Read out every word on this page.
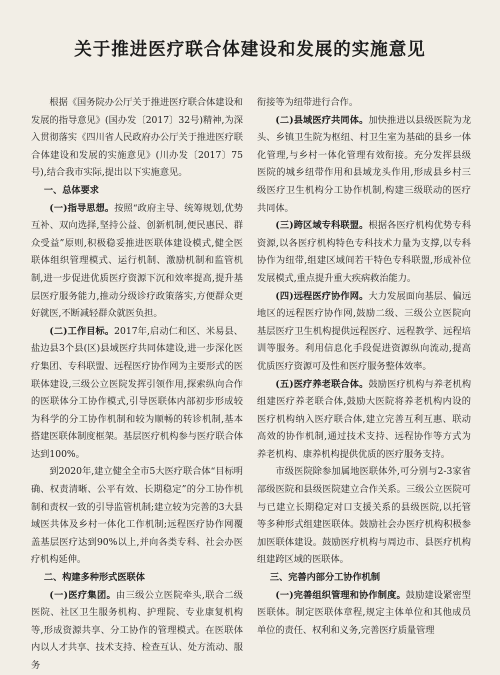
关于推进医疗联合体建设和发展的实施意见

根据《国务院办公厅关于推进医疗联合体建设和发展的指导意见》(国办发〔2017〕32号)精神,为深入贯彻落实《四川省人民政府办公厅关于推进医疗联合体建设和发展的实施意见》(川办发〔2017〕75号),结合我市实际,提出以下实施意见。

一、总体要求

(一)指导思想。按照“政府主导、统筹规划,优势互补、双向选择,坚持公益、创新机制,便民惠民、群众受益”原则,积极稳妥推进医联体建设模式,健全医联体组织管理模式、运行机制、激励机制和监管机制,进一步促进优质医疗资源下沉和效率提高,提升基层医疗服务能力,推动分级诊疗政策落实,方便群众更好就医,不断减轻群众就医负担。

(二)工作目标。2017年,启动仁和区、米易县、盐边县3个县(区)县域医疗共同体建设,进一步深化医疗集团、专科联盟、远程医疗协作网为主要形式的医联体建设,三级公立医院发挥引领作用,探索纵向合作的医联体分工协作模式,引导医联体内部初步形成较为科学的分工协作机制和较为顺畅的转诊机制,基本搭建医联体制度框架。基层医疗机构参与医疗联合体达到100%。

到2020年,建立健全全市5大医疗联合体“目标明确、权责清晰、公平有效、长期稳定”的分工协作机制和责权一致的引导监管机制;建立较为完善的3大县域医共体及乡村一体化工作机制;远程医疗协作网覆盖基层医疗达到90%以上,并向各类专科、社会办医疗机构延伸。

二、构建多种形式医联体

(一)医疗集团。由三级公立医院牵头,联合二级医院、社区卫生服务机构、护理院、专业康复机构等,形成资源共享、分工协作的管理模式。在医联体内以人才共享、技术支持、检查互认、处方流动、服务

衔接等为纽带进行合作。

(二)县域医疗共同体。加快推进以县级医院为龙头、乡镇卫生院为枢纽、村卫生室为基础的县乡一体化管理,与乡村一体化管理有效衔接。充分发挥县级医院的城乡纽带作用和县域龙头作用,形成县乡村三级医疗卫生机构分工协作机制,构建三级联动的医疗共同体。

(三)跨区域专科联盟。根据各医疗机构优势专科资源,以各医疗机构特色专科技术力量为支撑,以专科协作为纽带,组建区域间若干特色专科联盟,形成补位发展模式,重点提升重大疾病救治能力。

(四)远程医疗协作网。大力发展面向基层、偏远地区的远程医疗协作网,鼓励二级、三级公立医院向基层医疗卫生机构提供远程医疗、远程教学、远程培训等服务。利用信息化手段促进资源纵向流动,提高优质医疗资源可及性和医疗服务整体效率。

(五)医疗养老联合体。鼓励医疗机构与养老机构组建医疗养老联合体,鼓励大医院将养老机构内设的医疗机构纳入医疗联合体,建立完善互利互惠、联动高效的协作机制,通过技术支持、远程协作等方式为养老机构、康养机构提供优质的医疗服务支持。

市级医院除参加属地医联体外,可分别与2-3家省部级医院和县级医院建立合作关系。三级公立医院可与已建立长期稳定对口支援关系的县级医院,以托管等多种形式组建医联体。鼓励社会办医疗机构积极参加医联体建设。鼓励医疗机构与周边市、县医疗机构组建跨区域的医联体。

三、完善内部分工协作机制

(一)完善组织管理和协作制度。鼓励建设紧密型医联体。制定医联体章程,规定主体单位和其他成员单位的责任、权利和义务,完善医疗质量管理
